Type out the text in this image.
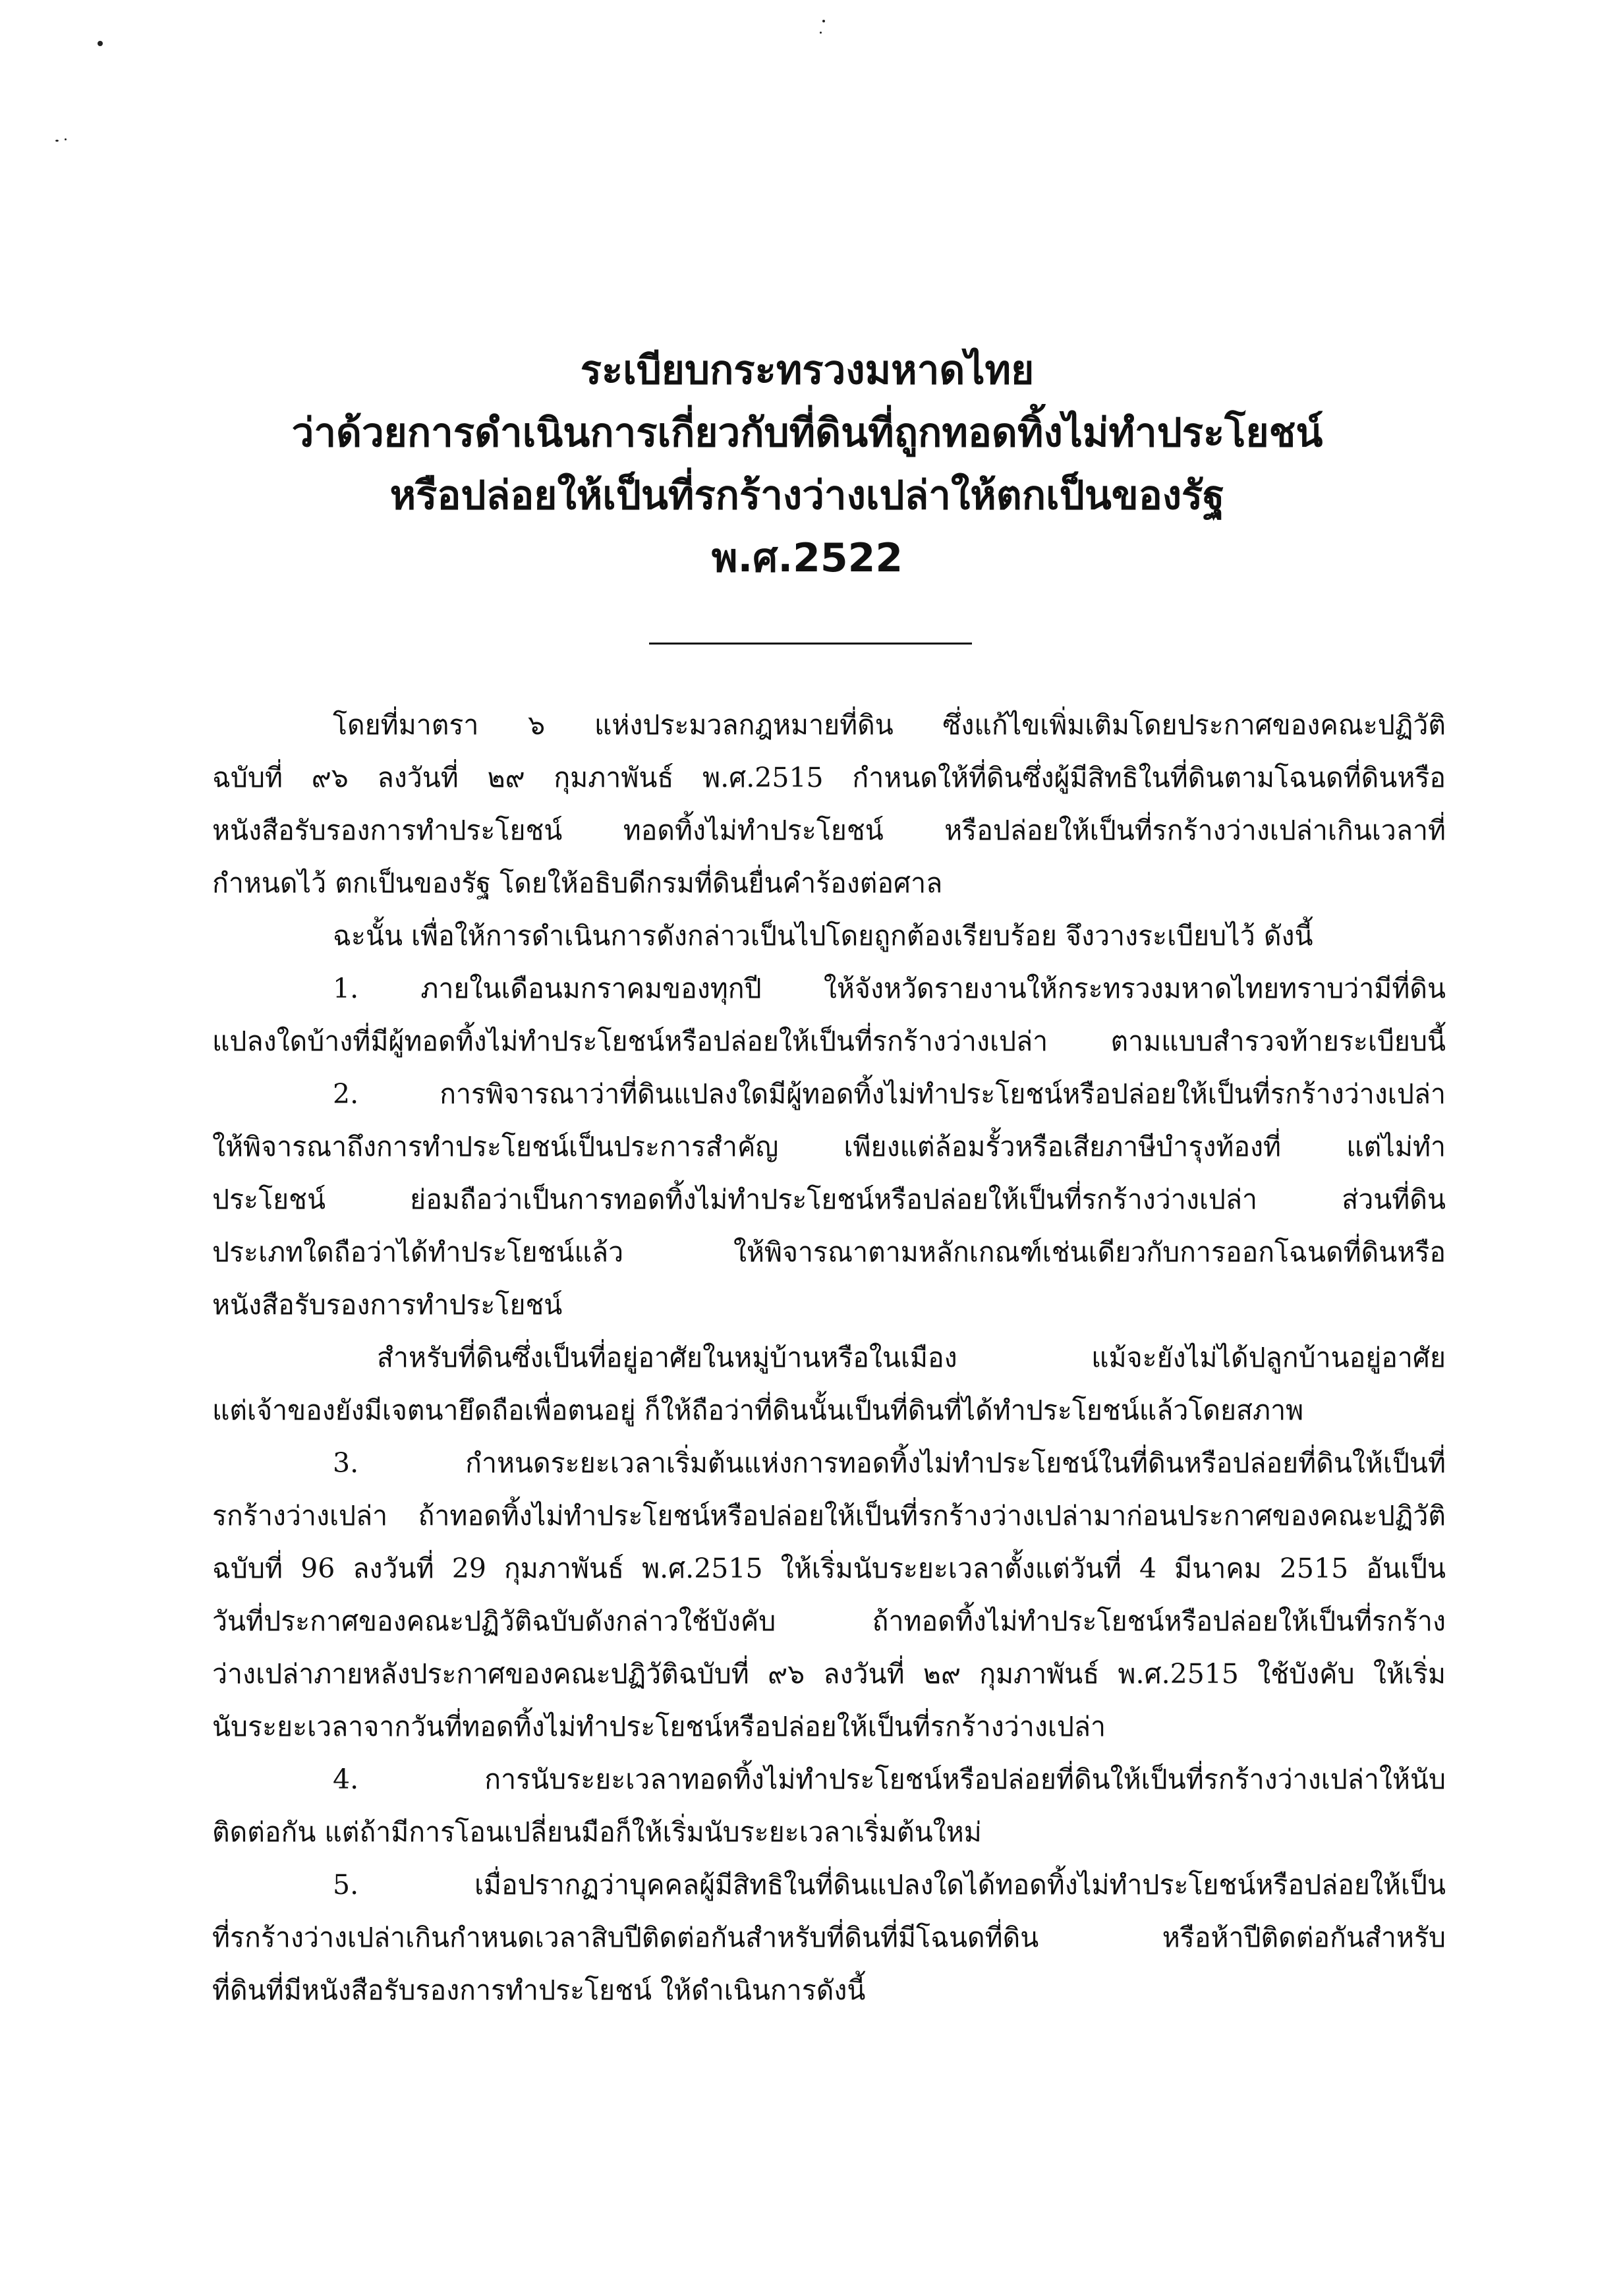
ระเบียบกระทรวงมหาดไทย

ว่าด้วยการดำเนินการเกี่ยวกับที่ดินที่ถูกทอดทิ้งไม่ทำประโยชน์

หรือปล่อยให้เป็นที่รกร้างว่างเปล่าให้ตกเป็นของรัฐ

พ.ศ.2522

โดยที่มาตรา ๖ แห่งประมวลกฎหมายที่ดิน ซึ่งแก้ไขเพิ่มเติมโดยประกาศของคณะปฏิวัติ

ฉบับที่ ๙๖ ลงวันที่ ๒๙ กุมภาพันธ์ พ.ศ.2515 กำหนดให้ที่ดินซึ่งผู้มีสิทธิในที่ดินตามโฉนดที่ดินหรือ

หนังสือรับรองการทำประโยชน์ ทอดทิ้งไม่ทำประโยชน์ หรือปล่อยให้เป็นที่รกร้างว่างเปล่าเกินเวลาที่

กำหนดไว้ ตกเป็นของรัฐ โดยให้อธิบดีกรมที่ดินยื่นคำร้องต่อศาล

ฉะนั้น เพื่อให้การดำเนินการดังกล่าวเป็นไปโดยถูกต้องเรียบร้อย จึงวางระเบียบไว้ ดังนี้

1. ภายในเดือนมกราคมของทุกปี ให้จังหวัดรายงานให้กระทรวงมหาดไทยทราบว่ามีที่ดิน

แปลงใดบ้างที่มีผู้ทอดทิ้งไม่ทำประโยชน์หรือปล่อยให้เป็นที่รกร้างว่างเปล่า ตามแบบสำรวจท้ายระเบียบนี้

2. การพิจารณาว่าที่ดินแปลงใดมีผู้ทอดทิ้งไม่ทำประโยชน์หรือปล่อยให้เป็นที่รกร้างว่างเปล่า

ให้พิจารณาถึงการทำประโยชน์เป็นประการสำคัญ เพียงแต่ล้อมรั้วหรือเสียภาษีบำรุงท้องที่ แต่ไม่ทำ

ประโยชน์ ย่อมถือว่าเป็นการทอดทิ้งไม่ทำประโยชน์หรือปล่อยให้เป็นที่รกร้างว่างเปล่า ส่วนที่ดิน

ประเภทใดถือว่าได้ทำประโยชน์แล้ว ให้พิจารณาตามหลักเกณฑ์เช่นเดียวกับการออกโฉนดที่ดินหรือ

หนังสือรับรองการทำประโยชน์

สำหรับที่ดินซึ่งเป็นที่อยู่อาศัยในหมู่บ้านหรือในเมือง แม้จะยังไม่ได้ปลูกบ้านอยู่อาศัย

แต่เจ้าของยังมีเจตนายึดถือเพื่อตนอยู่ ก็ให้ถือว่าที่ดินนั้นเป็นที่ดินที่ได้ทำประโยชน์แล้วโดยสภาพ

3. กำหนดระยะเวลาเริ่มต้นแห่งการทอดทิ้งไม่ทำประโยชน์ในที่ดินหรือปล่อยที่ดินให้เป็นที่

รกร้างว่างเปล่า ถ้าทอดทิ้งไม่ทำประโยชน์หรือปล่อยให้เป็นที่รกร้างว่างเปล่ามาก่อนประกาศของคณะปฏิวัติ

ฉบับที่ 96 ลงวันที่ 29 กุมภาพันธ์ พ.ศ.2515 ให้เริ่มนับระยะเวลาตั้งแต่วันที่ 4 มีนาคม 2515 อันเป็น

วันที่ประกาศของคณะปฏิวัติฉบับดังกล่าวใช้บังคับ ถ้าทอดทิ้งไม่ทำประโยชน์หรือปล่อยให้เป็นที่รกร้าง

ว่างเปล่าภายหลังประกาศของคณะปฏิวัติฉบับที่ ๙๖ ลงวันที่ ๒๙ กุมภาพันธ์ พ.ศ.2515 ใช้บังคับ ให้เริ่ม

นับระยะเวลาจากวันที่ทอดทิ้งไม่ทำประโยชน์หรือปล่อยให้เป็นที่รกร้างว่างเปล่า

4. การนับระยะเวลาทอดทิ้งไม่ทำประโยชน์หรือปล่อยที่ดินให้เป็นที่รกร้างว่างเปล่าให้นับ

ติดต่อกัน แต่ถ้ามีการโอนเปลี่ยนมือก็ให้เริ่มนับระยะเวลาเริ่มต้นใหม่

5. เมื่อปรากฏว่าบุคคลผู้มีสิทธิในที่ดินแปลงใดได้ทอดทิ้งไม่ทำประโยชน์หรือปล่อยให้เป็น

ที่รกร้างว่างเปล่าเกินกำหนดเวลาสิบปีติดต่อกันสำหรับที่ดินที่มีโฉนดที่ดิน หรือห้าปีติดต่อกันสำหรับ

ที่ดินที่มีหนังสือรับรองการทำประโยชน์ ให้ดำเนินการดังนี้
